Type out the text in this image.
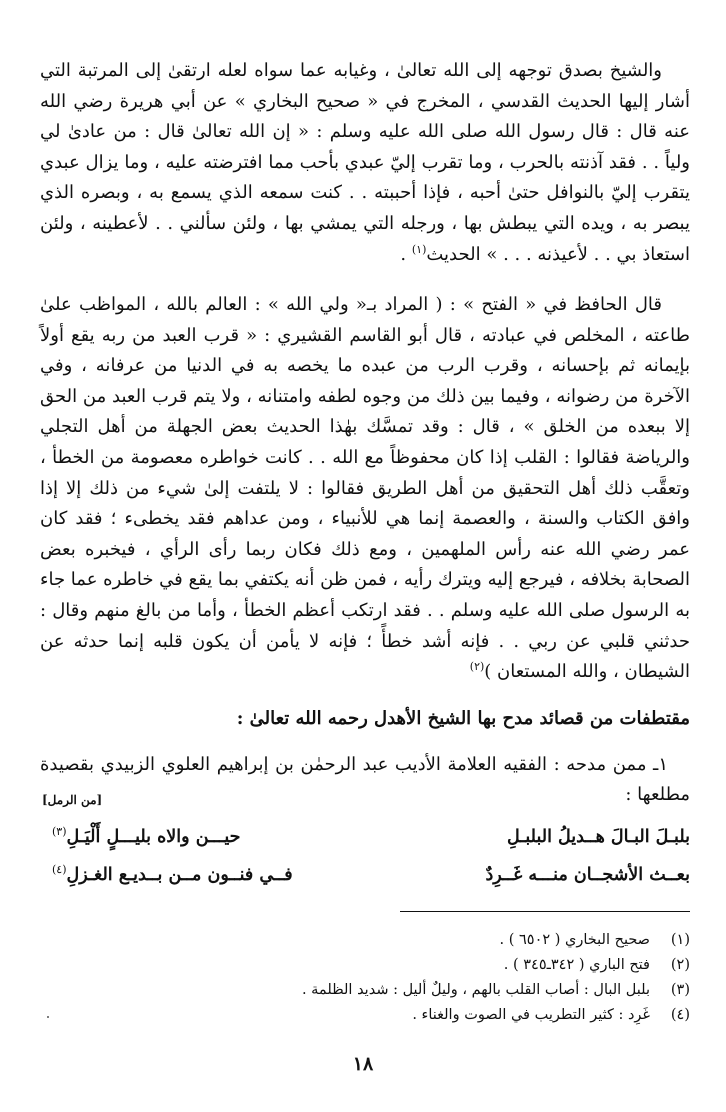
والشيخ بصدق توجهه إلى الله تعالىٰ ، وغيابه عما سواه لعله ارتقىٰ إلى المرتبة التي أشار إليها الحديث القدسي ، المخرج في « صحيح البخاري » عن أبي هريرة رضي الله عنه قال : قال رسول الله صلى الله عليه وسلم : « إن الله تعالىٰ قال : من عادىٰ لي ولياً . . فقد آذنته بالحرب ، وما تقرب إليّ عبدي بأحب مما افترضته عليه ، وما يزال عبدي يتقرب إليّ بالنوافل حتىٰ أحبه ، فإذا أحببته . . كنت سمعه الذي يسمع به ، وبصره الذي يبصر به ، ويده التي يبطش بها ، ورجله التي يمشي بها ، ولئن سألني . . لأعطينه ، ولئن استعاذ بي . . لأعيذنه . . . » الحديث$^{(١)}$ .

قال الحافظ في « الفتح » : ( المراد بـ« ولي الله » : العالم بالله ، المواظب علىٰ طاعته ، المخلص في عبادته ، قال أبو القاسم القشيري : « قرب العبد من ربه يقع أولاً بإيمانه ثم بإحسانه ، وقرب الرب من عبده ما يخصه به في الدنيا من عرفانه ، وفي الآخرة من رضوانه ، وفيما بين ذلك من وجوه لطفه وامتنانه ، ولا يتم قرب العبد من الحق إلا ببعده من الخلق » ، قال : وقد تمسَّك بهٰذا الحديث بعض الجهلة من أهل التجلي والرياضة فقالوا : القلب إذا كان محفوظاً مع الله . . كانت خواطره معصومة من الخطأ ، وتعقَّب ذلك أهل التحقيق من أهل الطريق فقالوا : لا يلتفت إلىٰ شيء من ذلك إلا إذا وافق الكتاب والسنة ، والعصمة إنما هي للأنبياء ، ومن عداهم فقد يخطىء ؛ فقد كان عمر رضي الله عنه رأس الملهمين ، ومع ذلك فكان ربما رأى الرأي ، فيخبره بعض الصحابة بخلافه ، فيرجع إليه ويترك رأيه ، فمن ظن أنه يكتفي بما يقع في خاطره عما جاء به الرسول صلى الله عليه وسلم . . فقد ارتكب أعظم الخطأ ، وأما من بالغ منهم وقال : حدثني قلبي عن ربي . . فإنه أشد خطأً ؛ فإنه لا يأمن أن يكون قلبه إنما حدثه عن الشيطان ، والله المستعان )$^{(٢)}$

مقتطفات من قصائد مدح بها الشيخ الأهدل رحمه الله تعالىٰ :

١ـ ممن مدحه : الفقيه العلامة الأديب عبد الرحمٰن بن إبراهيم العلوي الزبيدي بقصيدة مطلعها :

[من الرمل]
بلبـلَ البـالَ هــديلُ البلبـلِ
حيـــن والاه بليـــلٍ أَلْيَـلِ$^{(٣)}$
بعــث الأشجــان منـــه غَــرِدٌ
فــي فنــون مــن بــديـع الغـزلِ$^{(٤)}$
(١)
صحيح البخاري ( ٦٥٠٢ ) .
(٢)
فتح الباري ( ٣٤٢ـ٣٤٥ ) .
(٣)
بلبل البال : أصاب القلب بالهم ، وليلٌ أليل : شديد الظلمة .
(٤)
غَرِد : كثير التطريب في الصوت والغناء .
١٨
